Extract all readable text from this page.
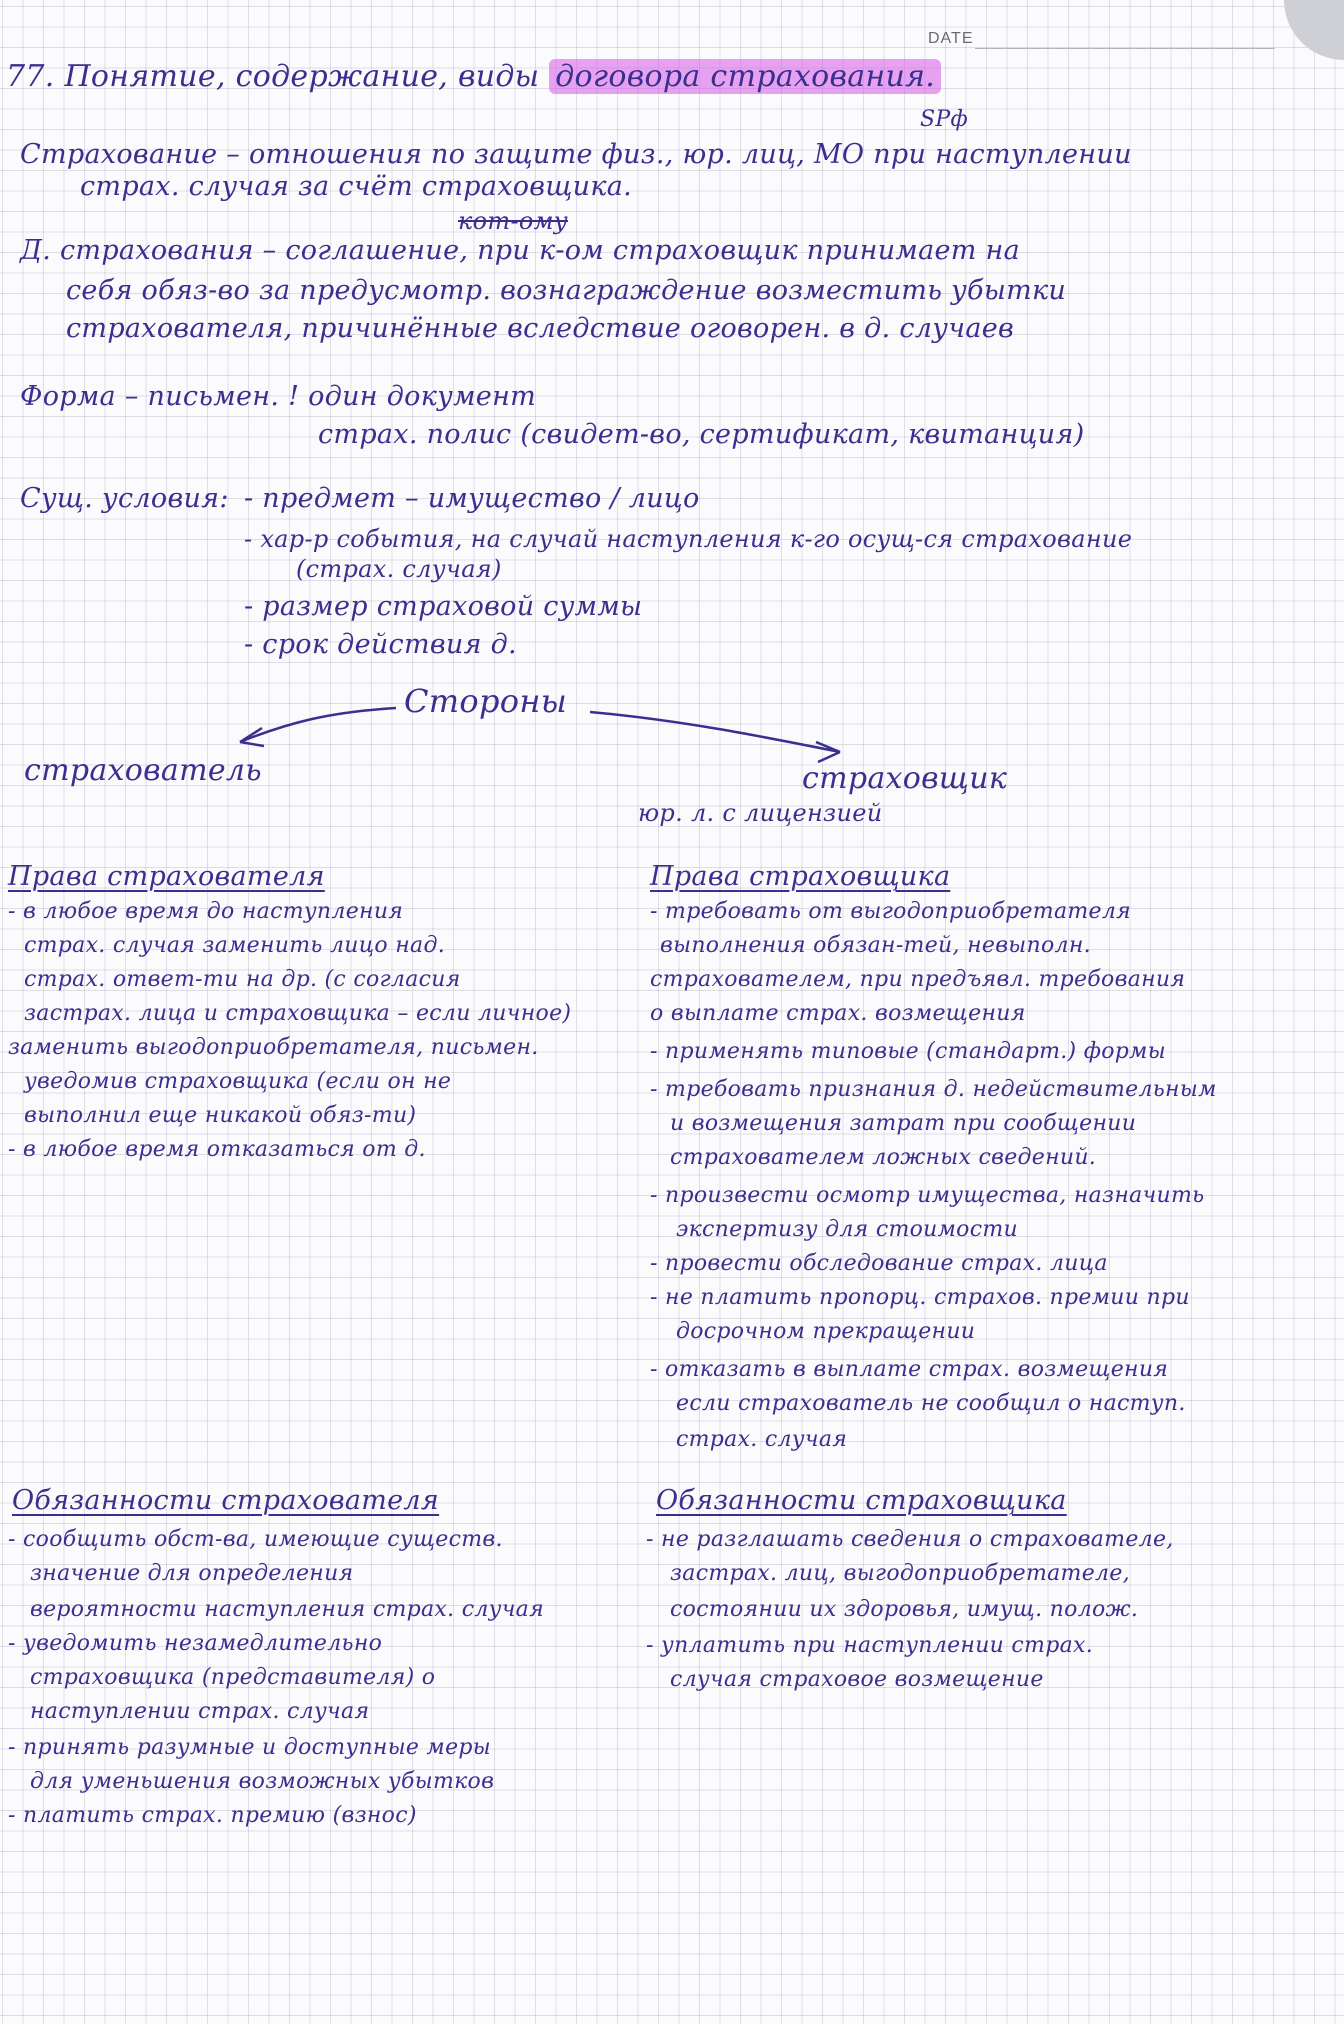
DATE
77. Понятие, содержание, виды договора страхования.
SPф
Страхование – отношения по защите физ., юр. лиц, МО при наступлении
страх. случая за счёт страховщика.
Д. страхования – соглашение, при к-ом страховщик принимает на
кот-ому
себя обяз-во за предусмотр. вознаграждение возместить убытки
страхователя, причинённые вследствие оговорен. в д. случаев
Форма – письмен. ! один документ
страх. полис (свидет-во, сертификат, квитанция)
Сущ. условия: - предмет – имущество / лицо
- хар-р события, на случай наступления к-го осущ-ся страхование
(страх. случая)
- размер страховой суммы
- срок действия д.
Стороны
страхователь	страховщик
юр. л. с лицензией
Права страхователя
- в любое время до наступления
страх. случая заменить лицо над.
страх. ответ-ти на др. (с согласия
застрах. лица и страховщика – если личное)
заменить выгодоприобретателя, письмен.
уведомив страховщика (если он не
выполнил еще никакой обяз-ти)
- в любое время отказаться от д.
Права страховщика
- требовать от выгодоприобретателя
выполнения обязан-тей, невыполн.
страхователем, при предъявл. требования
о выплате страх. возмещения
- применять типовые (стандарт.) формы
- требовать признания д. недействительным
и возмещения затрат при сообщении
страхователем ложных сведений.
- произвести осмотр имущества, назначить
экспертизу для стоимости
- провести обследование страх. лица
- не платить пропорц. страхов. премии при
досрочном прекращении
- отказать в выплате страх. возмещения
если страхователь не сообщил о наступ.
страх. случая
Обязанности страхователя
- сообщить обст-ва, имеющие существ.
значение для определения
вероятности наступления страх. случая
- уведомить незамедлительно
страховщика (представителя) о
наступлении страх. случая
- принять разумные и доступные меры
для уменьшения возможных убытков
- платить страх. премию (взнос)
Обязанности страховщика
- не разглашать сведения о страхователе,
застрах. лиц, выгодоприобретателе,
состоянии их здоровья, имущ. полож.
- уплатить при наступлении страх.
случая страховое возмещение
